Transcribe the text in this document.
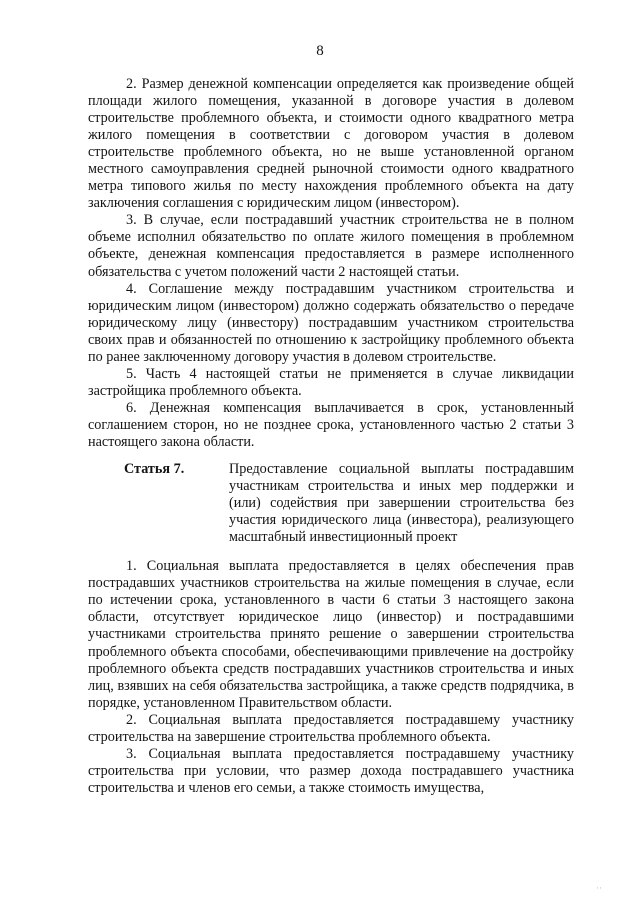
8

2. Размер денежной компенсации определяется как произведение общей площади жилого помещения, указанной в договоре участия в долевом строительстве проблемного объекта, и стоимости одного квадратного метра жилого помещения в соответствии с договором участия в долевом строительстве проблемного объекта, но не выше установленной органом местного самоуправления средней рыночной стоимости одного квадратного метра типового жилья по месту нахождения проблемного объекта на дату заключения соглашения с юридическим лицом (инвестором).

3. В случае, если пострадавший участник строительства не в полном объеме исполнил обязательство по оплате жилого помещения в проблемном объекте, денежная компенсация предоставляется в размере исполненного обязательства с учетом положений части 2 настоящей статьи.

4. Соглашение между пострадавшим участником строительства и юридическим лицом (инвестором) должно содержать обязательство о передаче юридическому лицу (инвестору) пострадавшим участником строительства своих прав и обязанностей по отношению к застройщику проблемного объекта по ранее заключенному договору участия в долевом строительстве.

5. Часть 4 настоящей статьи не применяется в случае ликвидации застройщика проблемного объекта.

6. Денежная компенсация выплачивается в срок, установленный соглашением сторон, но не позднее срока, установленного частью 2 статьи 3 настоящего закона области.

Статья 7.	Предоставление социальной выплаты пострадавшим участникам строительства и иных мер поддержки и (или) содействия при завершении строительства без участия юридического лица (инвестора), реализующего масштабный инвестиционный проект

1. Социальная выплата предоставляется в целях обеспечения прав пострадавших участников строительства на жилые помещения в случае, если по истечении срока, установленного в части 6 статьи 3 настоящего закона области, отсутствует юридическое лицо (инвестор) и пострадавшими участниками строительства принято решение о завершении строительства проблемного объекта способами, обеспечивающими привлечение на достройку проблемного объекта средств пострадавших участников строительства и иных лиц, взявших на себя обязательства застройщика, а также средств подрядчика, в порядке, установленном Правительством области.

2. Социальная выплата предоставляется пострадавшему участнику строительства на завершение строительства проблемного объекта.

3. Социальная выплата предоставляется пострадавшему участнику строительства при условии, что размер дохода пострадавшего участника строительства и членов его семьи, а также стоимость имущества,

··
